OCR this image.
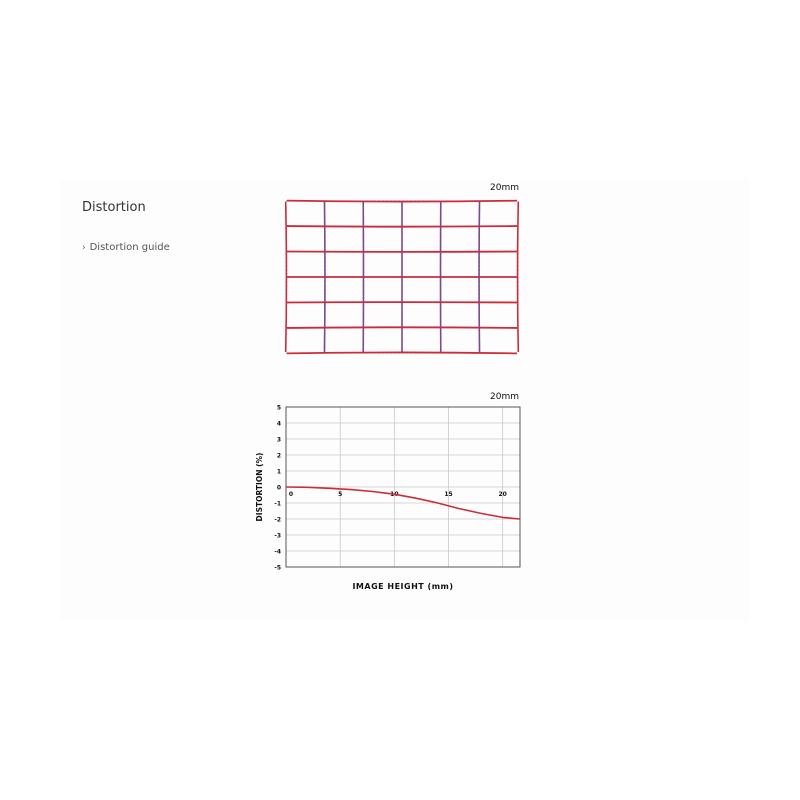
Distortion
› Distortion guide
20mm
20mm
5
4
3
2
1
0
-1
-2
-3
-4
-5
0	5	10	15	20
IMAGE HEIGHT (mm)
DISTORTION (%)
